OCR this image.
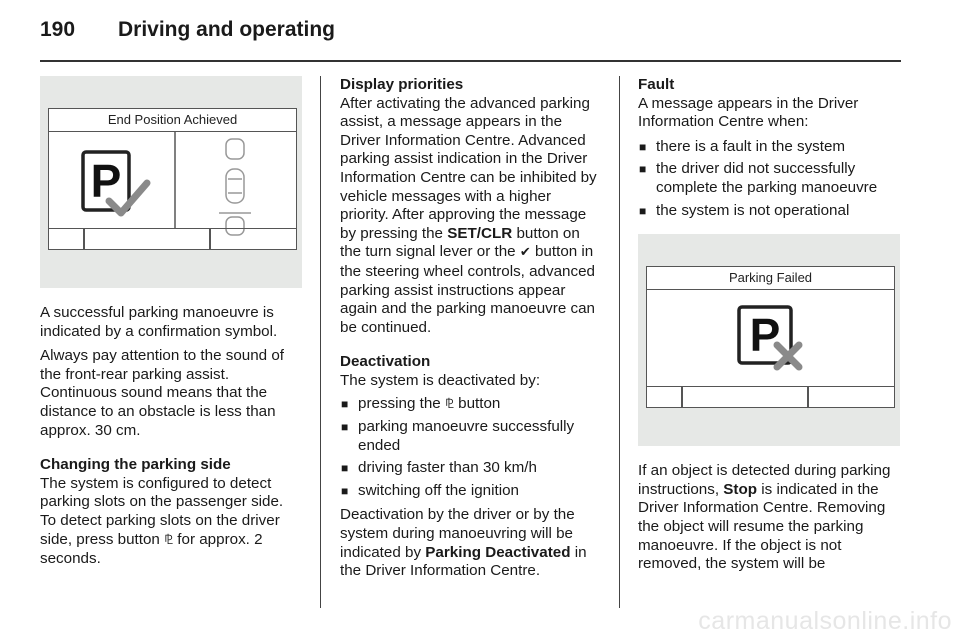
190 Driving and operating
End Position Achieved
P

A successful parking manoeuvre is indicated by a confirmation symbol.

Always pay attention to the sound of the front-rear parking assist. Continuous sound means that the distance to an obstacle is less than approx. 30 cm.

Changing the parking side

The system is configured to detect parking slots on the passenger side. To detect parking slots on the driver side, press button ⅊ for approx. 2 seconds.

Display priorities

After activating the advanced parking assist, a message appears in the Driver Information Centre. Advanced parking assist indication in the Driver Information Centre can be inhibited by vehicle messages with a higher priority. After approving the message by pressing the SET/CLR button on the turn signal lever or the ✔ button in the steering wheel controls, advanced parking assist instructions appear again and the parking manoeuvre can be continued.

Deactivation

The system is deactivated by:

■ pressing the ⅊ button
■ parking manoeuvre successfully ended
■ driving faster than 30 km/h
■ switching off the ignition

Deactivation by the driver or by the system during manoeuvring will be indicated by Parking Deactivated in the Driver Information Centre.

Fault

A message appears in the Driver Information Centre when:

■ there is a fault in the system
■ the driver did not successfully complete the parking manoeuvre
■ the system is not operational
Parking Failed
P

If an object is detected during parking instructions, Stop is indicated in the Driver Information Centre. Removing the object will resume the parking manoeuvre. If the object is not removed, the system will be

carmanualsonline.info
